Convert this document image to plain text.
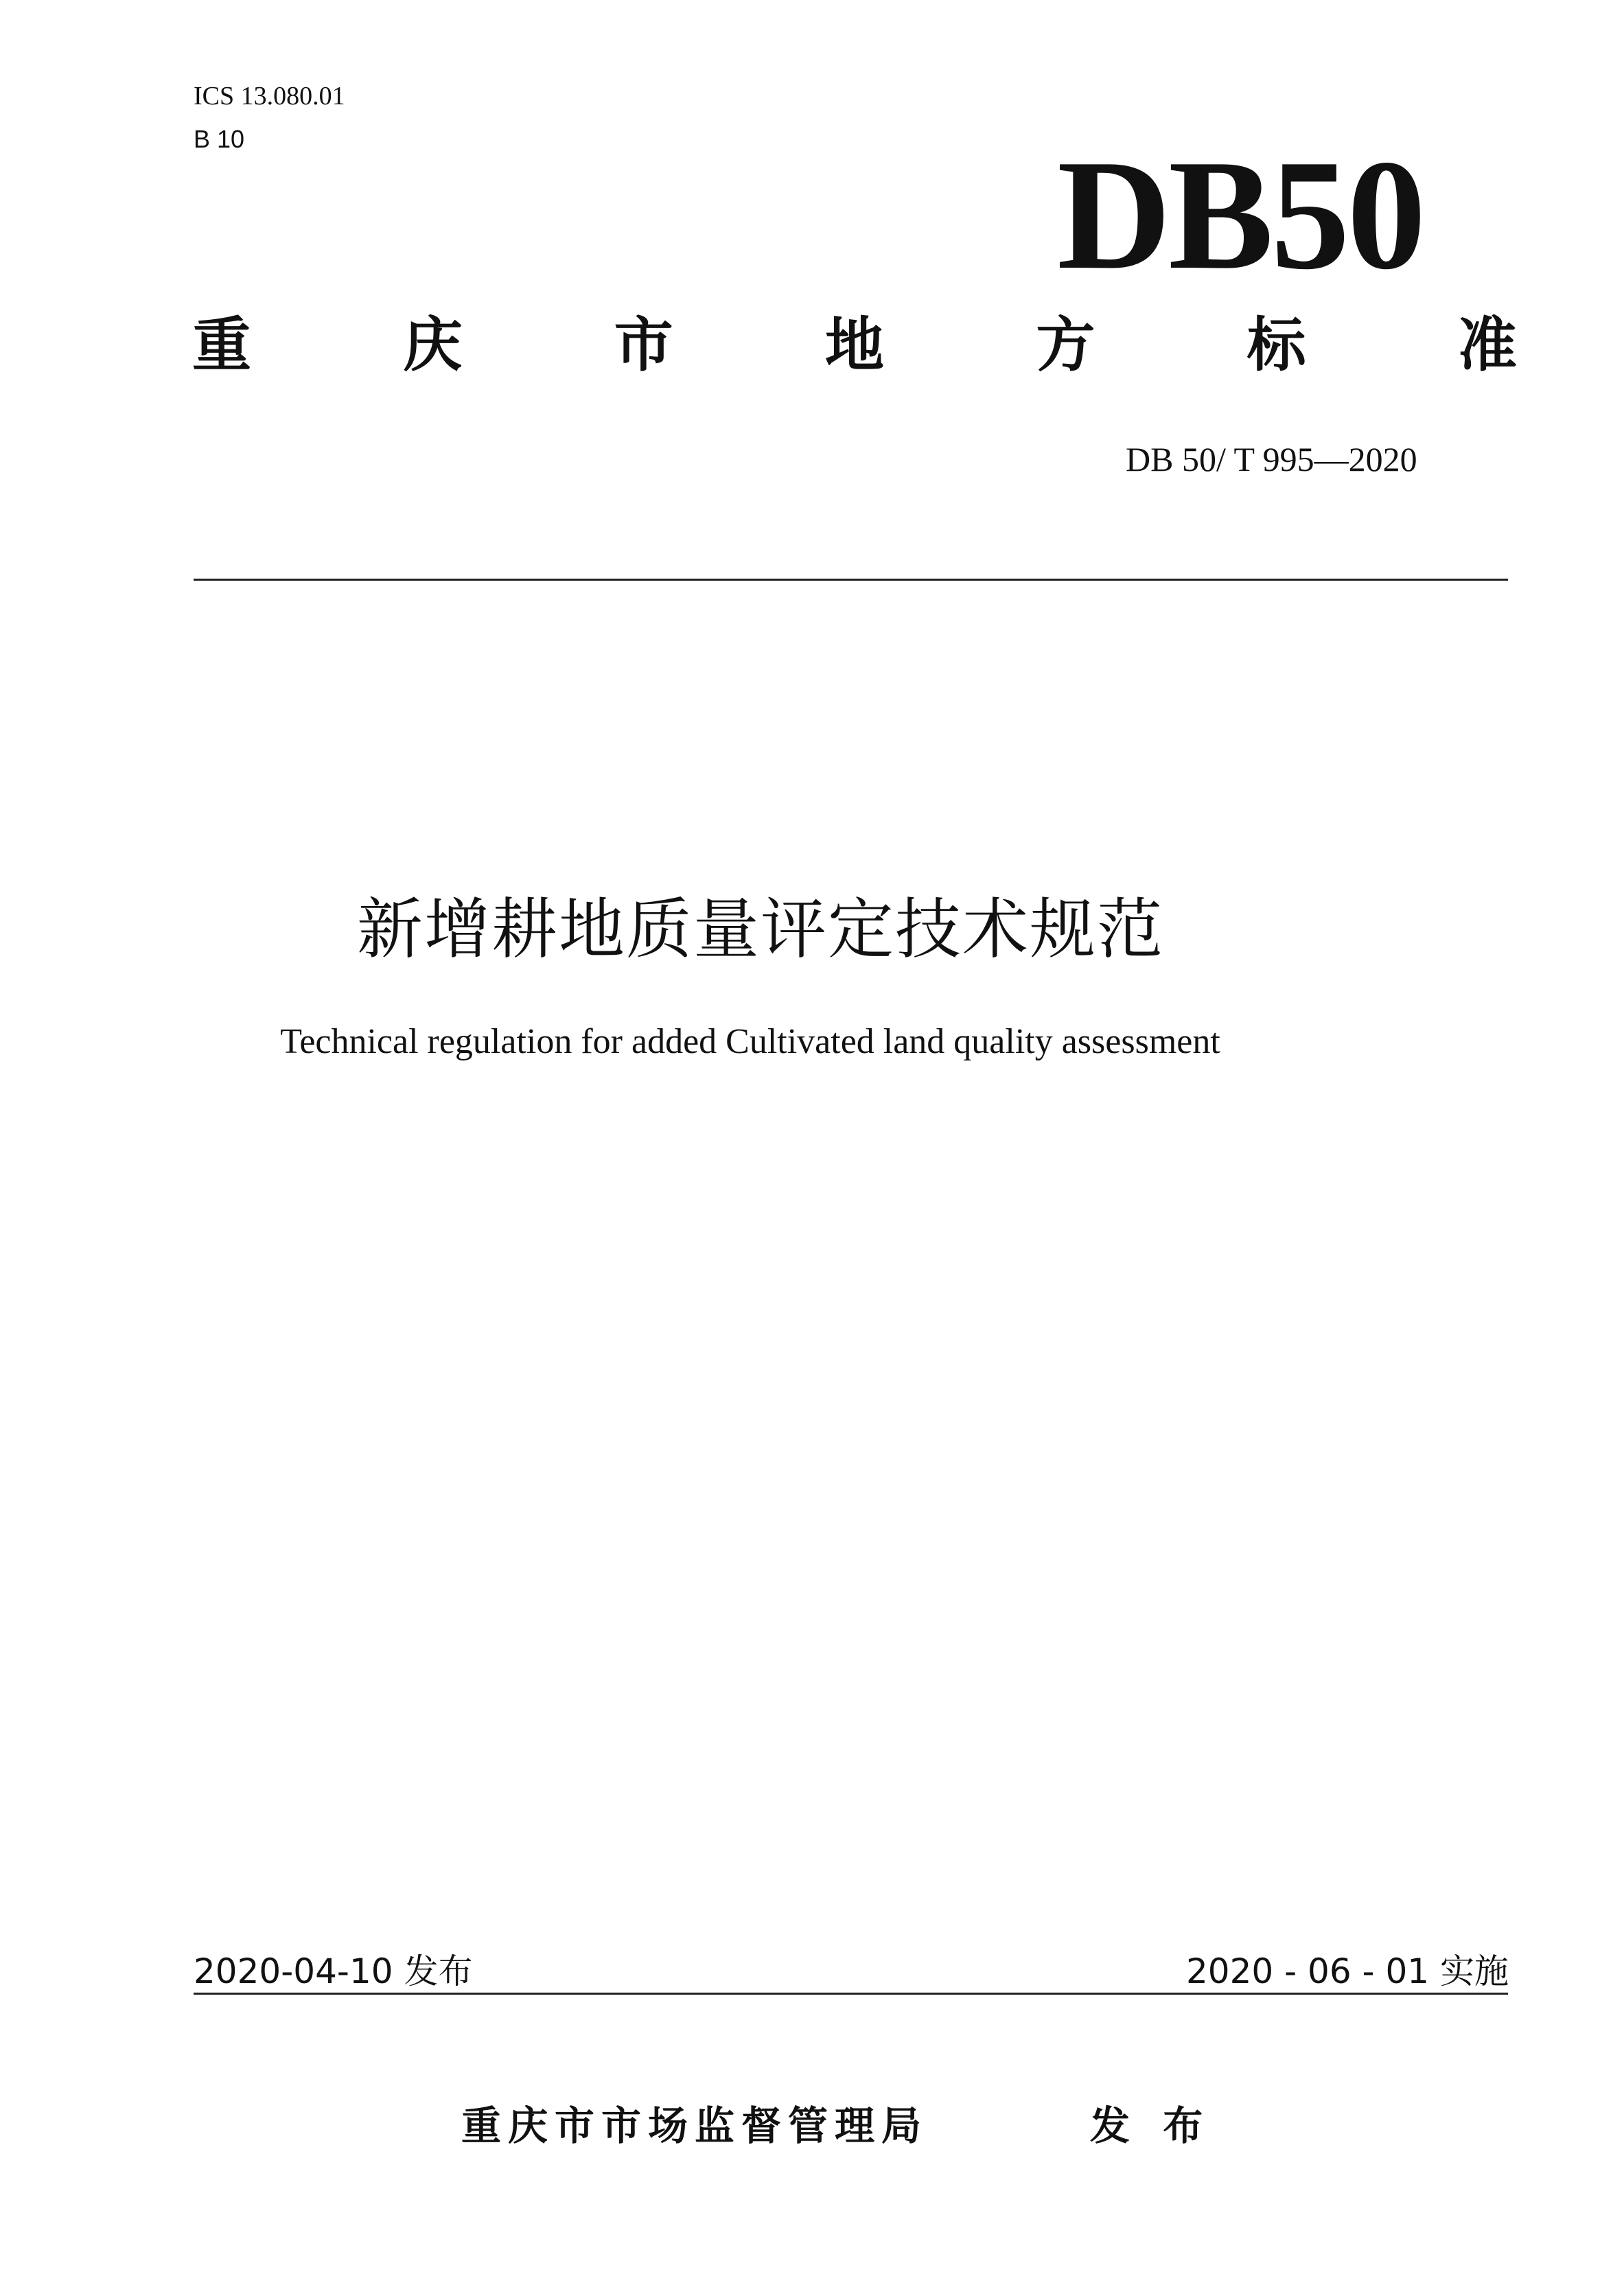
ICS 13.080.01
B 10	DB50
重	庆	市	地	方	标	准
DB 50/ T 995—2020
新增耕地质量评定技术规范
Technical regulation for added Cultivated land quality assessment
2020-04-10 发布	2020 - 06 - 01 实施
重庆市市场监督管理局	发 布
